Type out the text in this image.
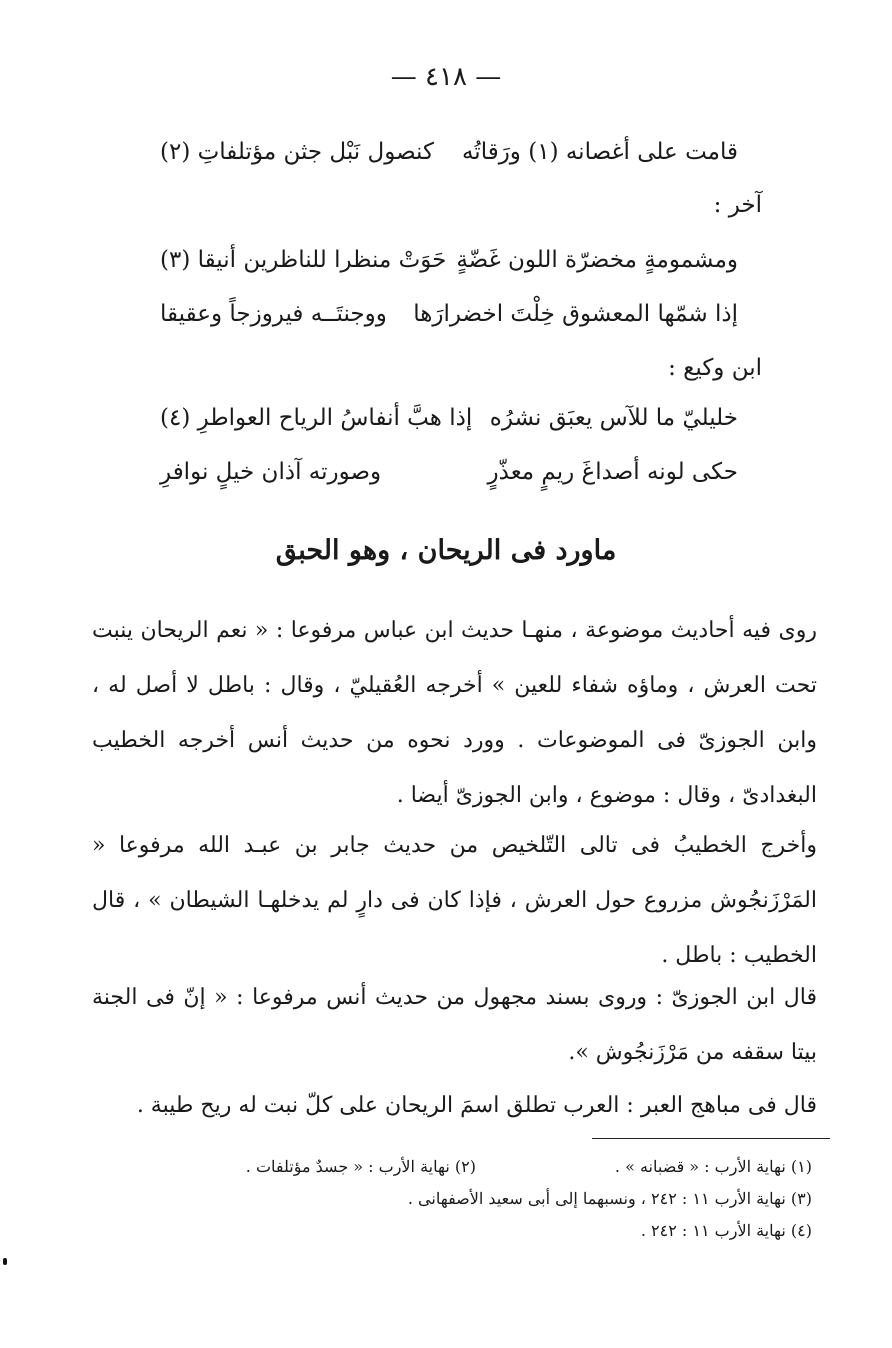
— ٤١٨ —
قامت على أغصانه (١) ورَقاتُه
كنصول نَبْل جثن مؤتلفاتِ (٢)
آخر :
ومشمومةٍ مخضرّة اللون غَضّةٍ
حَوَتْ منظرا للناظرين أنيقا (٣)
إذا شمّها المعشوق خِلْتَ اخضرارَها
ووجنتَــه فيروزجاً وعقيقا
ابن وكيع :
خليليّ ما للآس يعبَق نشرُه
إذا هبَّ أنفاسُ الرياح العواطرِ (٤)
حكى لونه أصداغَ ريمٍ معذّرٍ
وصورته آذان خيلٍ نوافرِ
ماورد فى الريحان ، وهو الحبق

روى فيه أحاديث موضوعة ، منهـا حديث ابن عباس مرفوعا : « نعم الريحان ينبت تحت العرش ، وماؤه شفاء للعين » أخرجه العُقيليّ ، وقال : باطل لا أصل له ، وابن الجوزىّ فى الموضوعات . وورد نحوه من حديث أنس أخرجه الخطيب البغدادىّ ، وقال : موضوع ، وابن الجوزىّ أيضا .

وأخرج الخطيبُ فى تالى التّلخيص من حديث جابر بن عبـد الله مرفوعا « المَرْزَنجُوش مزروع حول العرش ، فإذا كان فى دارٍ لم يدخلهـا الشيطان » ، قال الخطيب : باطل .

قال ابن الجوزىّ : وروى بسند مجهول من حديث أنس مرفوعا : « إنّ فى الجنة بيتا سقفه من مَرْزَنجُوش ».

قال فى مباهج العبر : العرب تطلق اسمَ الريحان على كلّ نبت له ريح طيبة .

(١) نهاية الأرب : « قضبانه » .
(٢) نهاية الأرب : « جسدٌ مؤتلفات .
(٣) نهاية الأرب ١١ : ٢٤٢ ، ونسبهما إلى أبى سعيد الأصفهانى .
(٤) نهاية الأرب ١١ : ٢٤٢ .
